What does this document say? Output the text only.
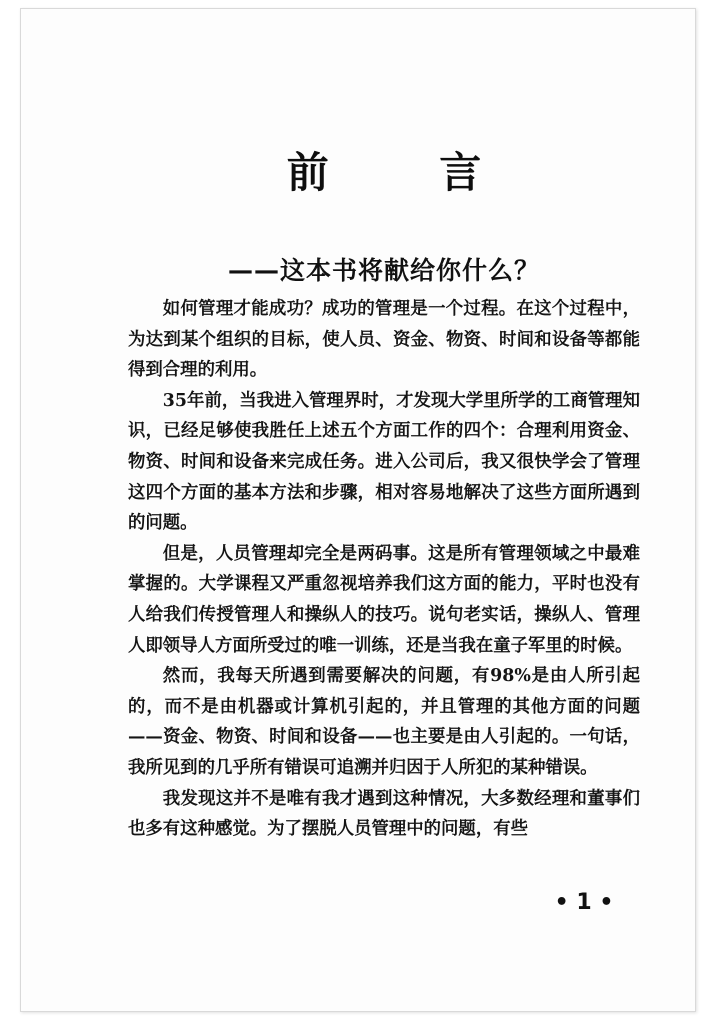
前 言
——这本书将献给你什么？

如何管理才能成功？成功的管理是一个过程。在这个过程中，为达到某个组织的目标，使人员、资金、物资、时间和设备等都能得到合理的利用。

35年前，当我进入管理界时，才发现大学里所学的工商管理知识，已经足够使我胜任上述五个方面工作的四个：合理利用资金、物资、时间和设备来完成任务。进入公司后，我又很快学会了管理这四个方面的基本方法和步骤，相对容易地解决了这些方面所遇到的问题。

但是，人员管理却完全是两码事。这是所有管理领域之中最难掌握的。大学课程又严重忽视培养我们这方面的能力，平时也没有人给我们传授管理人和操纵人的技巧。说句老实话，操纵人、管理人即领导人方面所受过的唯一训练，还是当我在童子军里的时候。

然而，我每天所遇到需要解决的问题，有98%是由人所引起的，而不是由机器或计算机引起的，并且管理的其他方面的问题——资金、物资、时间和设备——也主要是由人引起的。一句话，我所见到的几乎所有错误可追溯并归因于人所犯的某种错误。

我发现这并不是唯有我才遇到这种情况，大多数经理和董事们也多有这种感觉。为了摆脱人员管理中的问题，有些

• 1 •
